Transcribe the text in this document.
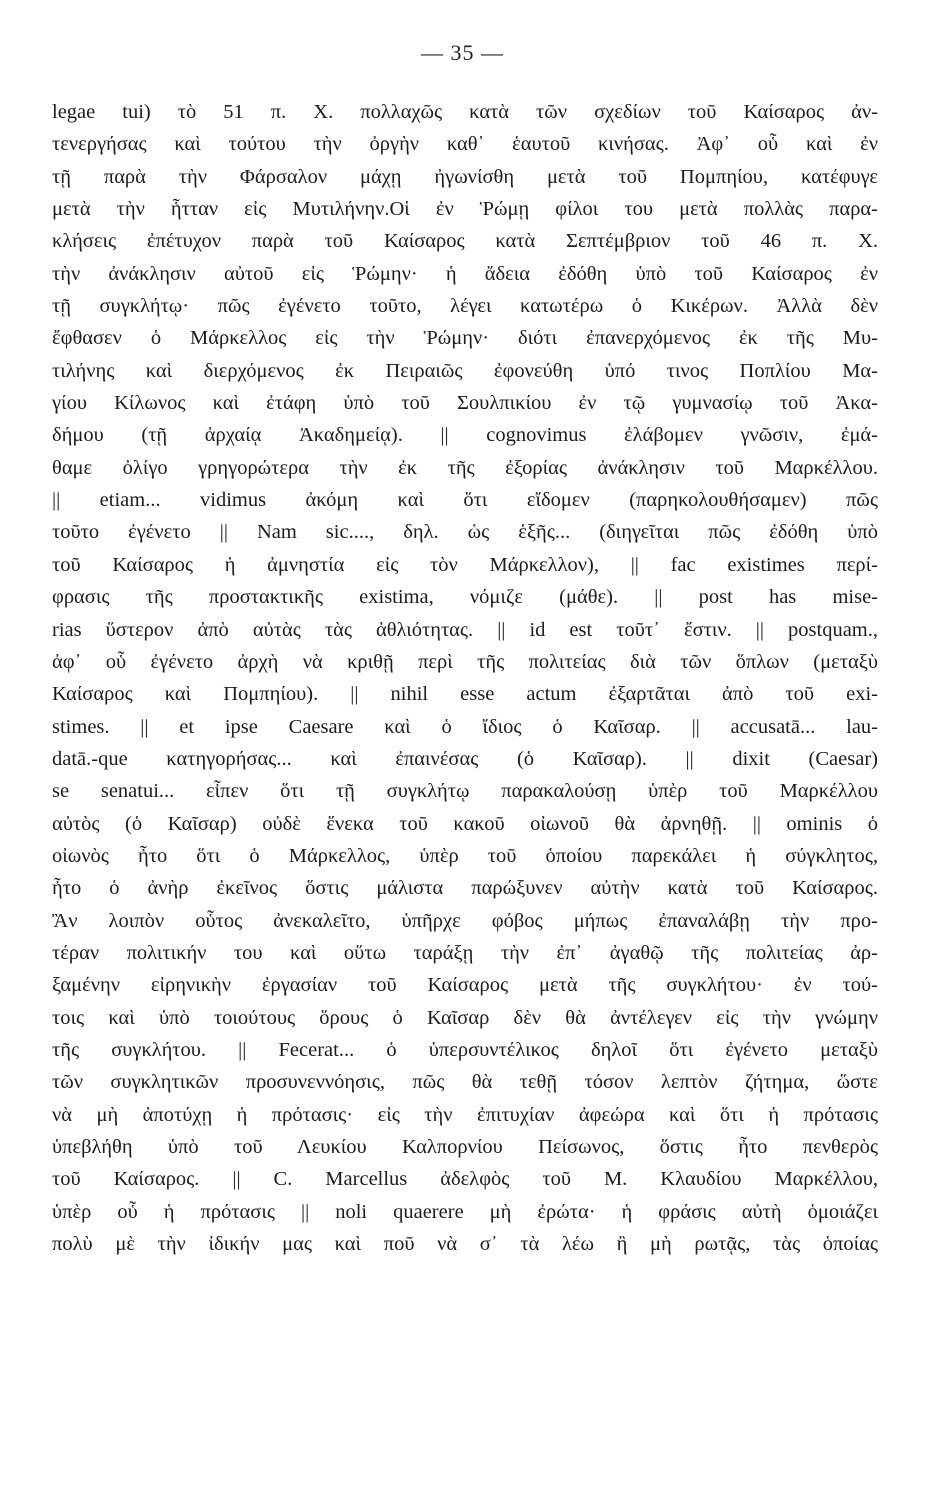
— 35 —
legae tui) τὸ 51 π. Χ. πολλαχῶς κατὰ τῶν σχεδίων τοῦ Καίσαρος ἀν-
τενεργήσας καὶ τούτου τὴν ὀργὴν καθ᾽ ἑαυτοῦ κινήσας. Ἀφ᾽ οὗ καὶ ἐν
τῇ παρὰ τὴν Φάρσαλον μάχῃ ἠγωνίσθη μετὰ τοῦ Πομπηίου, κατέφυγε
μετὰ τὴν ἧτταν εἰς Μυτιλήνην.Οἱ ἐν Ῥώμῃ φίλοι του μετὰ πολλὰς παρα-
κλήσεις ἐπέτυχον παρὰ τοῦ Καίσαρος κατὰ Σεπτέμβριον τοῦ 46 π. Χ.
τὴν ἀνάκλησιν αὐτοῦ εἰς Ῥώμην· ἡ ἄδεια ἐδόθη ὑπὸ τοῦ Καίσαρος ἐν
τῇ συγκλήτῳ· πῶς ἐγένετο τοῦτο, λέγει κατωτέρω ὁ Κικέρων. Ἀλλὰ δὲν
ἔφθασεν ὁ Μάρκελλος εἰς τὴν Ῥώμην· διότι ἐπανερχόμενος ἐκ τῆς Μυ-
τιλήνης καὶ διερχόμενος ἐκ Πειραιῶς ἐφονεύθη ὑπό τινος Ποπλίου Μα-
γίου Κίλωνος καὶ ἐτάφη ὑπὸ τοῦ Σουλπικίου ἐν τῷ γυμνασίῳ τοῦ Ἀκα-
δήμου (τῇ ἀρχαίᾳ Ἀκαδημείᾳ). || cognovimus ἐλάβομεν γνῶσιν, ἐμά-
θαμε ὀλίγο γρηγορώτερα τὴν ἐκ τῆς ἐξορίας ἀνάκλησιν τοῦ Μαρκέλλου.
|| etiam... vidimus ἀκόμη καὶ ὅτι εἴδομεν (παρηκολουθήσαμεν) πῶς
τοῦτο ἐγένετο || Nam sic...., δηλ. ὡς ἑξῆς... (διηγεῖται πῶς ἐδόθη ὑπὸ
τοῦ Καίσαρος ἡ ἀμνηστία εἰς τὸν Μάρκελλον), || fac existimes περί-
φρασις τῆς προστακτικῆς existima, νόμιζε (μάθε). || post has mise-
rias ὕστερον ἀπὸ αὐτὰς τὰς ἀθλιότητας. || id est τοῦτ᾽ ἔστιν. || postquam.,
ἀφ᾽ οὗ ἐγένετο ἀρχὴ νὰ κριθῇ περὶ τῆς πολιτείας διὰ τῶν ὅπλων (μεταξὺ
Καίσαρος καὶ Πομπηίου). || nihil esse actum ἐξαρτᾶται ἀπὸ τοῦ exi-
stimes. || et ipse Caesare καὶ ὁ ἴδιος ὁ Καῖσαρ. || accusatā... lau-
datā.-que κατηγορήσας... καὶ ἐπαινέσας (ὁ Καῖσαρ). || dixit (Caesar)
se senatui... εἶπεν ὅτι τῇ συγκλήτῳ παρακαλούσῃ ὑπὲρ τοῦ Μαρκέλλου
αὐτὸς (ὁ Καῖσαρ) οὐδὲ ἕνεκα τοῦ κακοῦ οἰωνοῦ θὰ ἀρνηθῇ. || ominis ὁ
οἰωνὸς ἦτο ὅτι ὁ Μάρκελλος, ὑπὲρ τοῦ ὁποίου παρεκάλει ἡ σύγκλητος,
ἦτο ὁ ἀνὴρ ἐκεῖνος ὅστις μάλιστα παρώξυνεν αὐτὴν κατὰ τοῦ Καίσαρος.
Ἂν λοιπὸν οὗτος ἀνεκαλεῖτο, ὑπῆρχε φόβος μήπως ἐπαναλάβῃ τὴν προ-
τέραν πολιτικήν του καὶ οὕτω ταράξῃ τὴν ἐπ᾽ ἀγαθῷ τῆς πολιτείας ἀρ-
ξαμένην εἰρηνικὴν ἐργασίαν τοῦ Καίσαρος μετὰ τῆς συγκλήτου· ἐν τού-
τοις καὶ ὑπὸ τοιούτους ὅρους ὁ Καῖσαρ δὲν θὰ ἀντέλεγεν εἰς τὴν γνώμην
τῆς συγκλήτου. || Fecerat... ὁ ὑπερσυντέλικος δηλοῖ ὅτι ἐγένετο μεταξὺ
τῶν συγκλητικῶν προσυνεννόησις, πῶς θὰ τεθῇ τόσον λεπτὸν ζήτημα, ὥστε
νὰ μὴ ἀποτύχῃ ἡ πρότασις· εἰς τὴν ἐπιτυχίαν ἀφεώρα καὶ ὅτι ἡ πρότασις
ὑπεβλήθη ὑπὸ τοῦ Λευκίου Καλπορνίου Πείσωνος, ὅστις ἦτο πενθερὸς
τοῦ Καίσαρος. || C. Marcellus ἀδελφὸς τοῦ Μ. Κλαυδίου Μαρκέλλου,
ὑπὲρ οὗ ἡ πρότασις || noli quaerere μὴ ἐρώτα· ἡ φράσις αὐτὴ ὁμοιάζει
πολὺ μὲ τὴν ἰδικήν μας καὶ ποῦ νὰ σ᾽ τὰ λέω ἢ μὴ ρωτᾷς, τὰς ὁποίας
